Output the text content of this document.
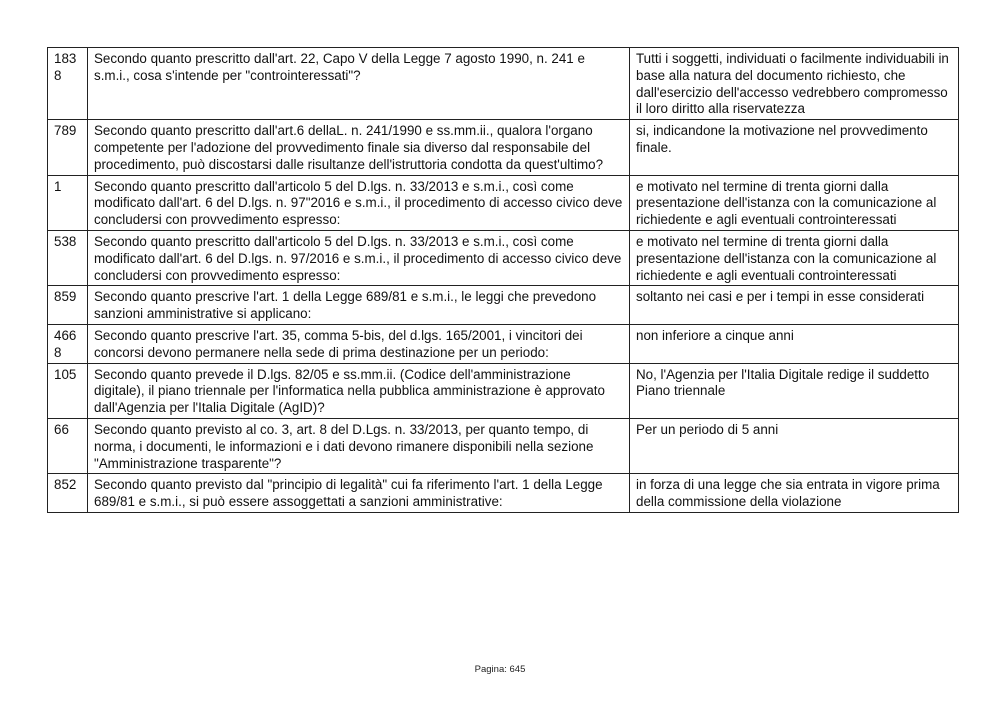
1838	Secondo quanto prescritto dall'art. 22, Capo V della Legge 7 agosto 1990, n. 241 e s.m.i., cosa s'intende per "controinteressati"?	Tutti i soggetti, individuati o facilmente individuabili in base alla natura del documento richiesto, che dall'esercizio dell'accesso vedrebbero compromesso il loro diritto alla riservatezza
789	Secondo quanto prescritto dall'art.6 dellaL. n. 241/1990 e ss.mm.ii., qualora l'organo competente per l'adozione del provvedimento finale sia diverso dal responsabile del procedimento, può discostarsi dalle risultanze dell'istruttoria condotta da quest'ultimo?	si, indicandone la motivazione nel provvedimento finale.
1	Secondo quanto prescritto dall'articolo 5 del D.lgs. n. 33/2013 e s.m.i., così come modificato dall'art. 6 del D.lgs. n. 97"2016 e s.m.i., il procedimento di accesso civico deve concludersi con provvedimento espresso:	e motivato nel termine di trenta giorni dalla presentazione dell'istanza con la comunicazione al richiedente e agli eventuali controinteressati
538	Secondo quanto prescritto dall'articolo 5 del D.lgs. n. 33/2013 e s.m.i., così come modificato dall'art. 6 del D.lgs. n. 97/2016 e s.m.i., il procedimento di accesso civico deve concludersi con provvedimento espresso:	e motivato nel termine di trenta giorni dalla presentazione dell'istanza con la comunicazione al richiedente e agli eventuali controinteressati
859	Secondo quanto prescrive l'art. 1 della Legge 689/81 e s.m.i., le leggi che prevedono sanzioni amministrative si applicano:	soltanto nei casi e per i tempi in esse considerati
4668	Secondo quanto prescrive l'art. 35, comma 5-bis, del d.lgs. 165/2001, i vincitori dei concorsi devono permanere nella sede di prima destinazione per un periodo:	non inferiore a cinque anni
105	Secondo quanto prevede il D.lgs. 82/05 e ss.mm.ii. (Codice dell'amministrazione digitale), il piano triennale per l'informatica nella pubblica amministrazione è approvato dall'Agenzia per l'Italia Digitale (AgID)?	No, l'Agenzia per l'Italia Digitale redige il suddetto Piano triennale
66	Secondo quanto previsto al co. 3, art. 8 del D.Lgs. n. 33/2013, per quanto tempo, di norma, i documenti, le informazioni e i dati devono rimanere disponibili nella sezione "Amministrazione trasparente"?	Per un periodo di 5 anni
852	Secondo quanto previsto dal "principio di legalità" cui fa riferimento l'art. 1 della Legge 689/81 e s.m.i., si può essere assoggettati a sanzioni amministrative:	in forza di una legge che sia entrata in vigore prima della commissione della violazione
Pagina: 645
